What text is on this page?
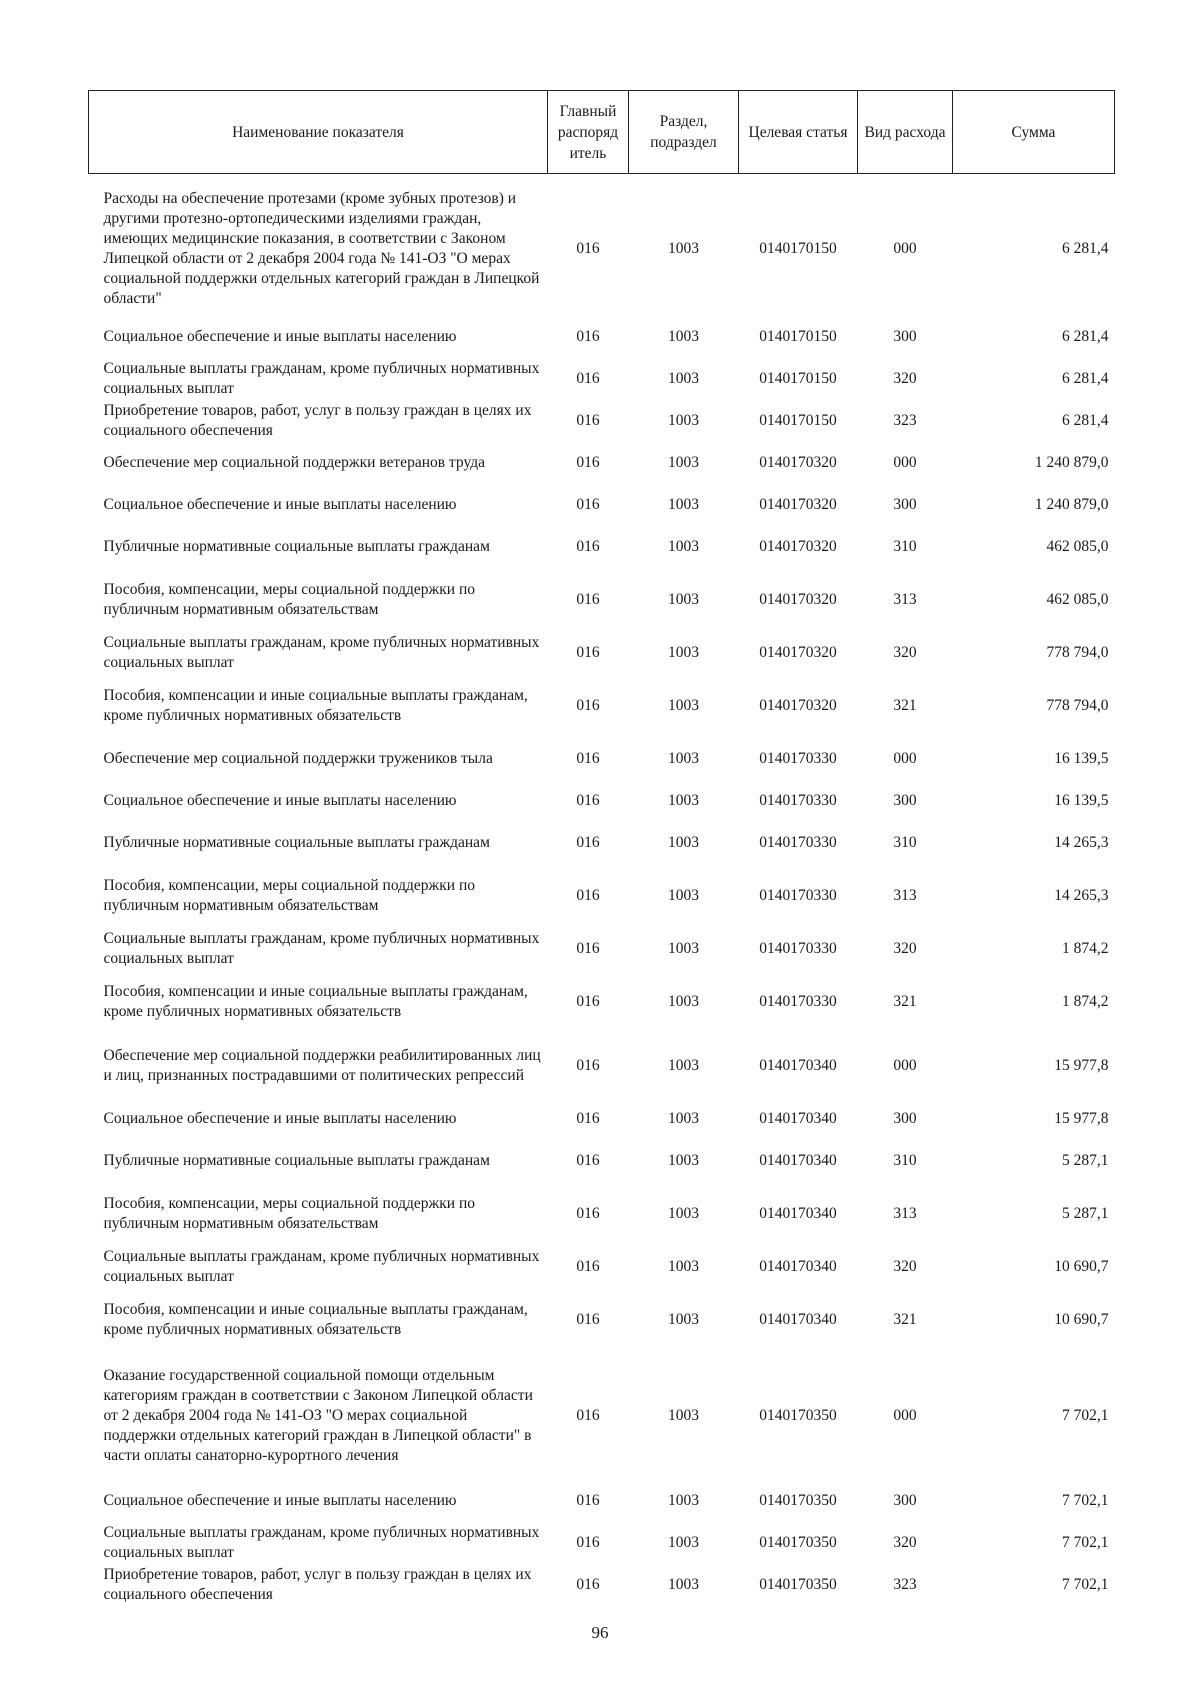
Наименование показателя	Главный распоряд итель	Раздел, подраздел	Целевая статья	Вид расхода	Сумма
Расходы на обеспечение протезами (кроме зубных протезов) и другими протезно-ортопедическими изделиями граждан, имеющих медицинские показания, в соответствии с Законом Липецкой области от 2 декабря 2004 года № 141-ОЗ "О мерах социальной поддержки отдельных категорий граждан в Липецкой области"	016	1003	0140170150	000	6 281,4
Социальное обеспечение и иные выплаты населению	016	1003	0140170150	300	6 281,4
Социальные выплаты гражданам, кроме публичных нормативных социальных выплат	016	1003	0140170150	320	6 281,4
Приобретение товаров, работ, услуг в пользу граждан в целях их социального обеспечения	016	1003	0140170150	323	6 281,4
Обеспечение мер социальной поддержки ветеранов труда	016	1003	0140170320	000	1 240 879,0
Социальное обеспечение и иные выплаты населению	016	1003	0140170320	300	1 240 879,0
Публичные нормативные социальные выплаты гражданам	016	1003	0140170320	310	462 085,0
Пособия, компенсации, меры социальной поддержки по публичным нормативным обязательствам	016	1003	0140170320	313	462 085,0
Социальные выплаты гражданам, кроме публичных нормативных социальных выплат	016	1003	0140170320	320	778 794,0
Пособия, компенсации и иные социальные выплаты гражданам, кроме публичных нормативных обязательств	016	1003	0140170320	321	778 794,0
Обеспечение мер социальной поддержки тружеников тыла	016	1003	0140170330	000	16 139,5
Социальное обеспечение и иные выплаты населению	016	1003	0140170330	300	16 139,5
Публичные нормативные социальные выплаты гражданам	016	1003	0140170330	310	14 265,3
Пособия, компенсации, меры социальной поддержки по публичным нормативным обязательствам	016	1003	0140170330	313	14 265,3
Социальные выплаты гражданам, кроме публичных нормативных социальных выплат	016	1003	0140170330	320	1 874,2
Пособия, компенсации и иные социальные выплаты гражданам, кроме публичных нормативных обязательств	016	1003	0140170330	321	1 874,2
Обеспечение мер социальной поддержки реабилитированных лиц и лиц, признанных пострадавшими от политических репрессий	016	1003	0140170340	000	15 977,8
Социальное обеспечение и иные выплаты населению	016	1003	0140170340	300	15 977,8
Публичные нормативные социальные выплаты гражданам	016	1003	0140170340	310	5 287,1
Пособия, компенсации, меры социальной поддержки по публичным нормативным обязательствам	016	1003	0140170340	313	5 287,1
Социальные выплаты гражданам, кроме публичных нормативных социальных выплат	016	1003	0140170340	320	10 690,7
Пособия, компенсации и иные социальные выплаты гражданам, кроме публичных нормативных обязательств	016	1003	0140170340	321	10 690,7
Оказание государственной социальной помощи отдельным категориям граждан в соответствии с Законом Липецкой области от 2 декабря 2004 года № 141-ОЗ "О мерах социальной поддержки отдельных категорий граждан в Липецкой области" в части оплаты санаторно-курортного лечения	016	1003	0140170350	000	7 702,1
Социальное обеспечение и иные выплаты населению	016	1003	0140170350	300	7 702,1
Социальные выплаты гражданам, кроме публичных нормативных социальных выплат	016	1003	0140170350	320	7 702,1
Приобретение товаров, работ, услуг в пользу граждан в целях их социального обеспечения	016	1003	0140170350	323	7 702,1
96
